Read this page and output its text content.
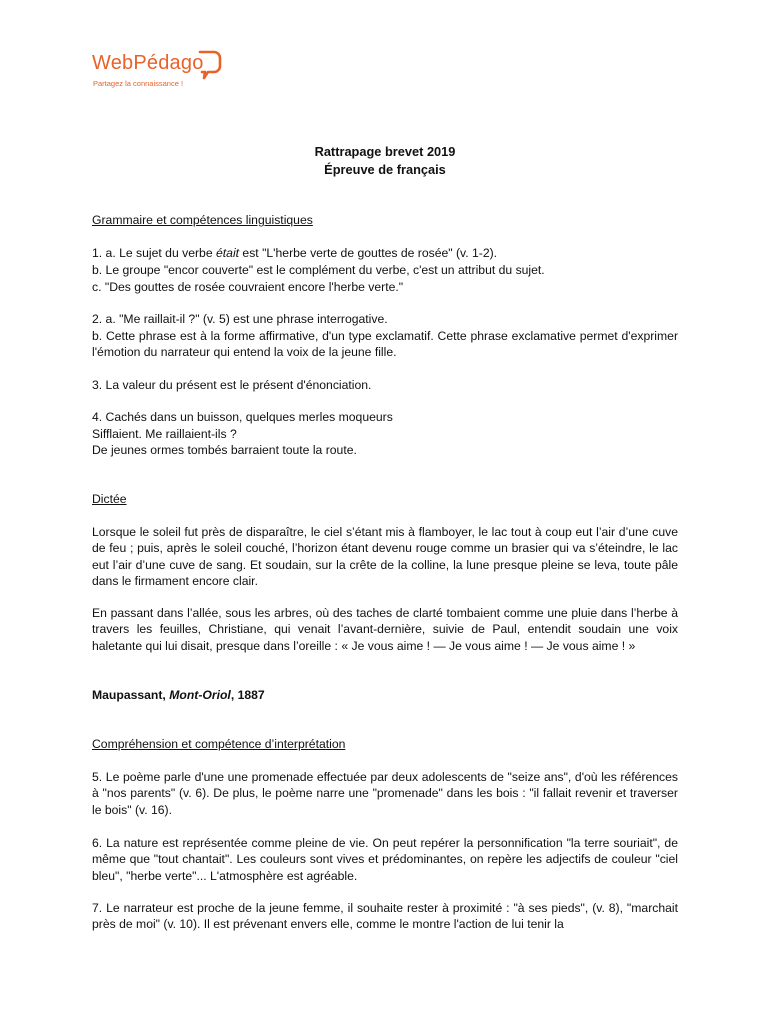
WebPédago
Partagez la connaissance !
Rattrapage brevet 2019
Épreuve de français
Grammaire et compétences linguistiques
1. a. Le sujet du verbe était est "L'herbe verte de gouttes de rosée" (v. 1-2).
b. Le groupe "encor couverte" est le complément du verbe, c'est un attribut du sujet.
c. "Des gouttes de rosée couvraient encore l'herbe verte."
2. a. "Me raillait-il ?" (v. 5) est une phrase interrogative.
b. Cette phrase est à la forme affirmative, d'un type exclamatif. Cette phrase exclamative permet d'exprimer l'émotion du narrateur qui entend la voix de la jeune fille.
3. La valeur du présent est le présent d'énonciation.
4. Cachés dans un buisson, quelques merles moqueurs
Sifflaient. Me raillaient-ils ?
De jeunes ormes tombés barraient toute la route.
Dictée
Lorsque le soleil fut près de disparaître, le ciel s’étant mis à flamboyer, le lac tout à coup eut l’air d’une cuve de feu ; puis, après le soleil couché, l’horizon étant devenu rouge comme un brasier qui va s’éteindre, le lac eut l’air d’une cuve de sang. Et soudain, sur la crête de la colline, la lune presque pleine se leva, toute pâle dans le firmament encore clair.
En passant dans l’allée, sous les arbres, où des taches de clarté tombaient comme une pluie dans l’herbe à travers les feuilles, Christiane, qui venait l’avant-dernière, suivie de Paul, entendit soudain une voix haletante qui lui disait, presque dans l’oreille : « Je vous aime ! — Je vous aime ! — Je vous aime ! »
Maupassant, Mont-Oriol, 1887
Compréhension et compétence d’interprétation
5. Le poème parle d'une une promenade effectuée par deux adolescents de "seize ans", d'où les références à "nos parents" (v. 6). De plus, le poème narre une "promenade" dans les bois : "il fallait revenir et traverser le bois" (v. 16).
6. La nature est représentée comme pleine de vie. On peut repérer la personnification "la terre souriait", de même que "tout chantait". Les couleurs sont vives et prédominantes, on repère les adjectifs de couleur "ciel bleu", "herbe verte"... L'atmosphère est agréable.
7. Le narrateur est proche de la jeune femme, il souhaite rester à proximité : "à ses pieds", (v. 8), "marchait près de moi" (v. 10). Il est prévenant envers elle, comme le montre l'action de lui tenir la
